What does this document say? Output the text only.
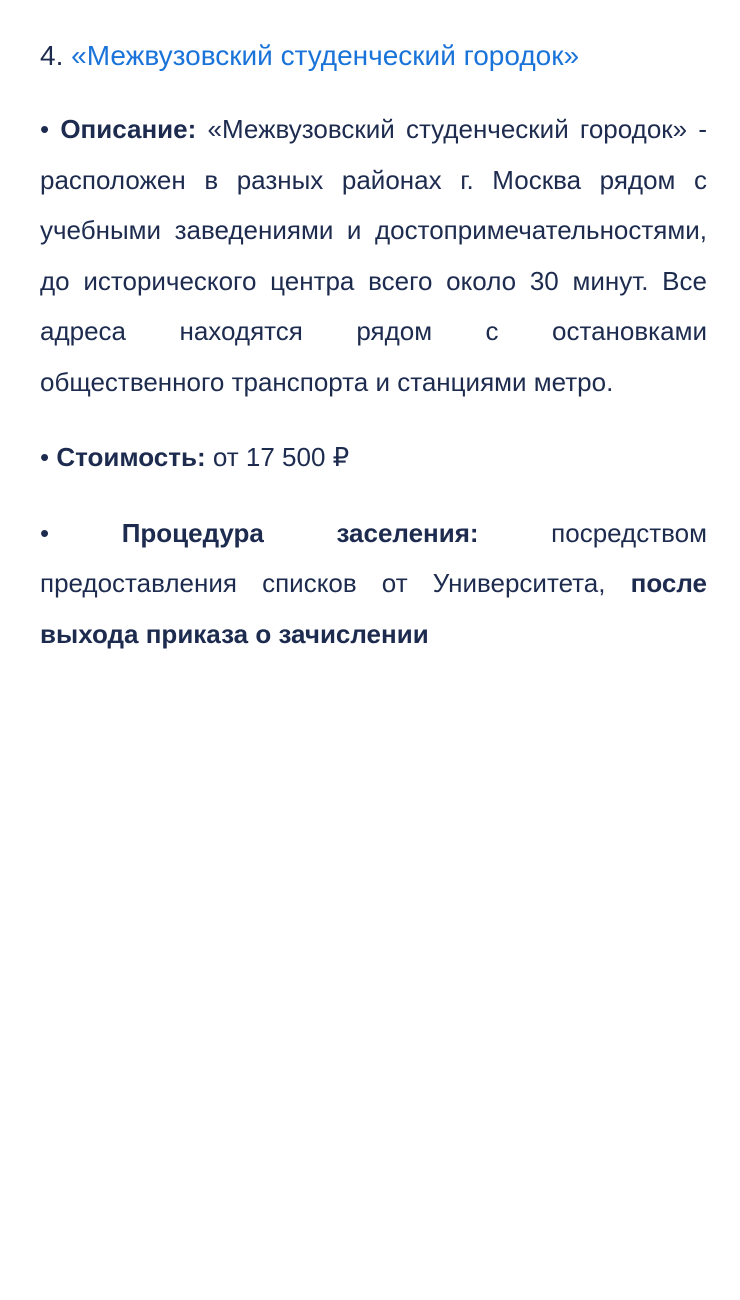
4. «Межвузовский студенческий городок»

• Описание: «Межвузовский студенческий городок» - расположен в разных районах г. Москва рядом с учебными заведениями и достопримечательностями, до исторического центра всего около 30 минут. Все адреса находятся рядом с остановками общественного транспорта и станциями метро.

• Стоимость: от 17 500 ₽

•	Процедура заселения:	посредством предоставления списков от Университета, после выхода приказа о зачислении
